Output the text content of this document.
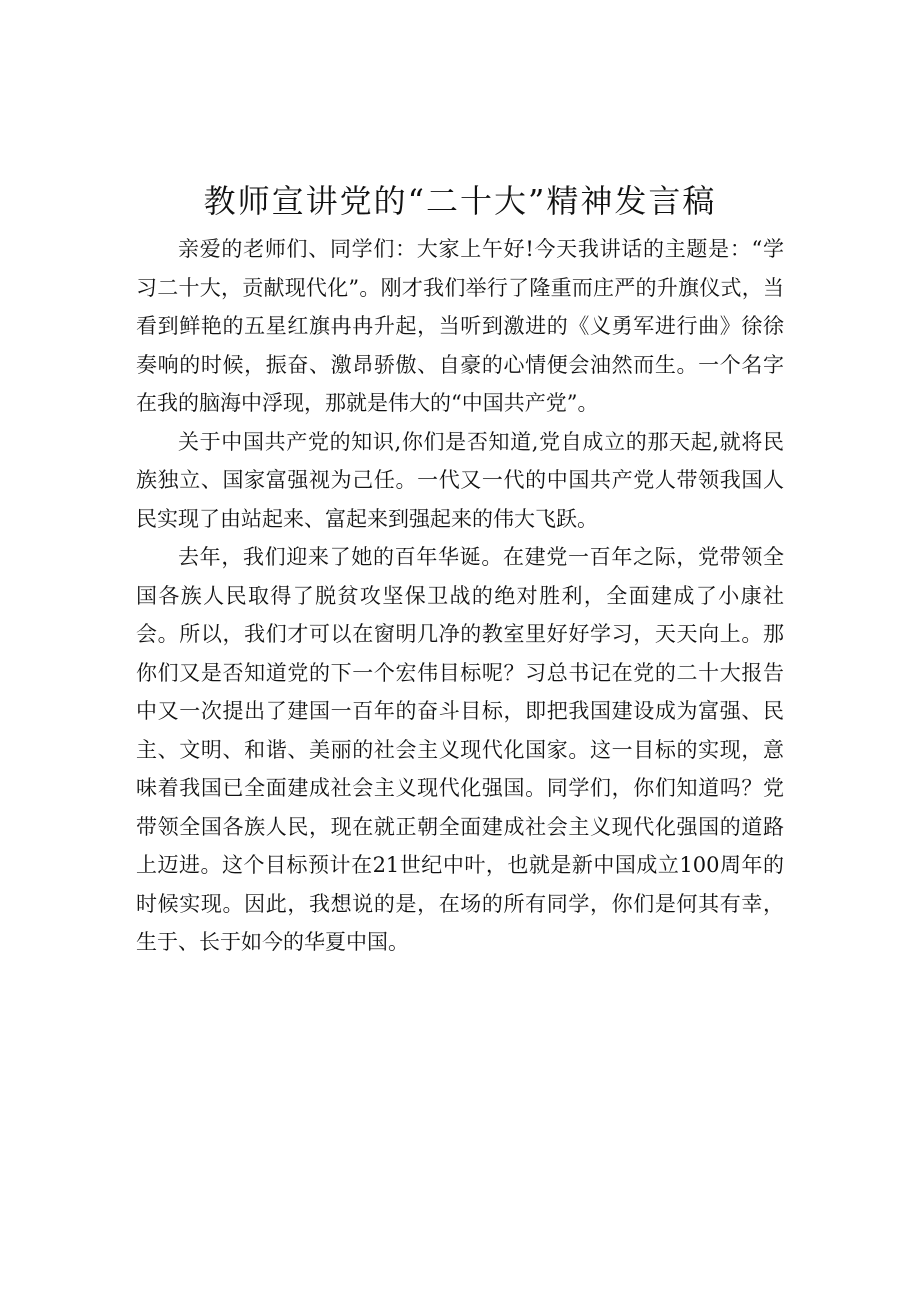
教师宣讲党的“二十大”精神发言稿

亲爱的老师们、同学们：大家上午好!今天我讲话的主题是：“学习二十大，贡献现代化”。刚才我们举行了隆重而庄严的升旗仪式，当看到鲜艳的五星红旗冉冉升起，当听到激进的《义勇军进行曲》徐徐奏响的时候，振奋、激昂骄傲、自豪的心情便会油然而生。一个名字在我的脑海中浮现，那就是伟大的“中国共产党”。

关于中国共产党的知识,你们是否知道,党自成立的那天起,就将民族独立、国家富强视为己任。一代又一代的中国共产党人带领我国人民实现了由站起来、富起来到强起来的伟大飞跃。

去年，我们迎来了她的百年华诞。在建党一百年之际，党带领全国各族人民取得了脱贫攻坚保卫战的绝对胜利，全面建成了小康社会。所以，我们才可以在窗明几净的教室里好好学习，天天向上。那你们又是否知道党的下一个宏伟目标呢？习总书记在党的二十大报告中又一次提出了建国一百年的奋斗目标，即把我国建设成为富强、民主、文明、和谐、美丽的社会主义现代化国家。这一目标的实现，意味着我国已全面建成社会主义现代化强国。同学们，你们知道吗？党带领全国各族人民，现在就正朝全面建成社会主义现代化强国的道路上迈进。这个目标预计在21世纪中叶，也就是新中国成立100周年的时候实现。因此，我想说的是，在场的所有同学，你们是何其有幸，生于、长于如今的华夏中国。
